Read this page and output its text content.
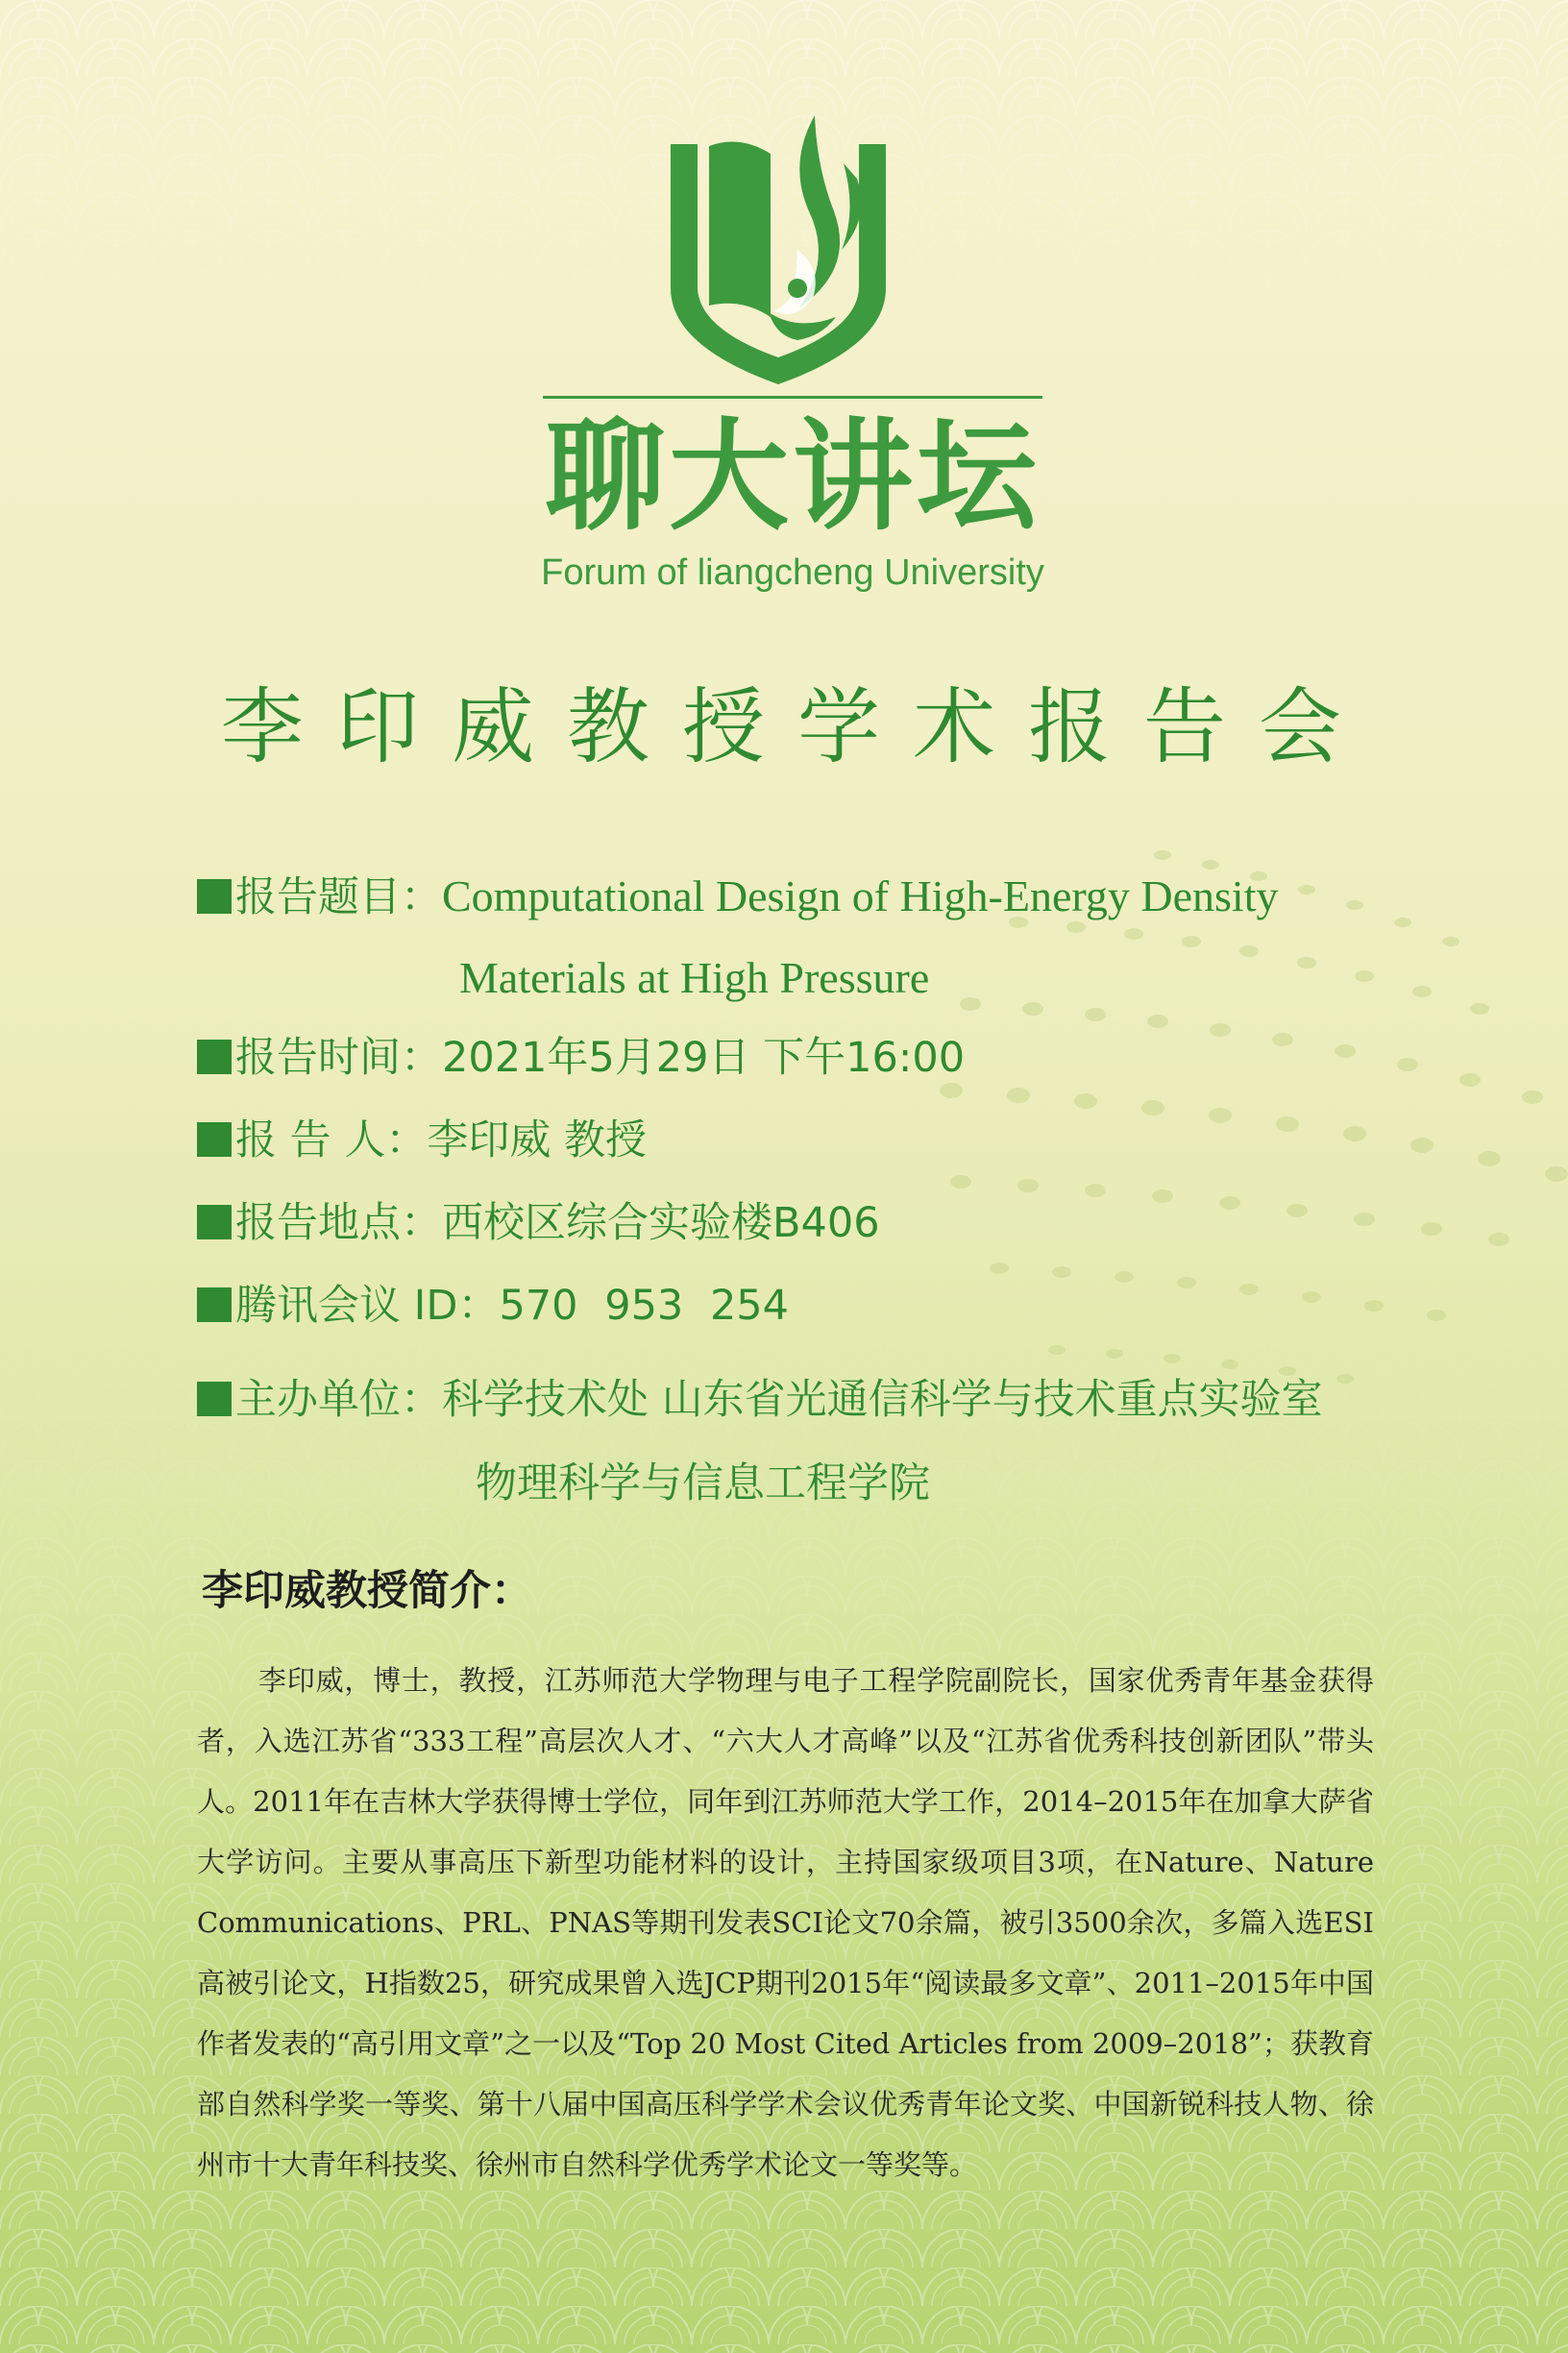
聊大讲坛
Forum of liangcheng University
李印威教授学术报告会
报告题目：Computational Design of High-Energy Density
Materials at High Pressure
报告时间：2021年5月29日 下午16:00
报 告 人：李印威 教授
报告地点：西校区综合实验楼B406
腾讯会议 ID：570 953 254
主办单位：科学技术处 山东省光通信科学与技术重点实验室
物理科学与信息工程学院
李印威教授简介：
李印威，博士，教授，江苏师范大学物理与电子工程学院副院长，国家优秀青年基金获得者，入选江苏省“333工程”高层次人才、“六大人才高峰”以及“江苏省优秀科技创新团队”带头人。2011年在吉林大学获得博士学位，同年到江苏师范大学工作，2014–2015年在加拿大萨省大学访问。主要从事高压下新型功能材料的设计，主持国家级项目3项，在Nature、Nature Communications、PRL、PNAS等期刊发表SCI论文70余篇，被引3500余次，多篇入选ESI高被引论文，H指数25，研究成果曾入选JCP期刊2015年“阅读最多文章”、2011–2015年中国作者发表的“高引用文章”之一以及“Top 20 Most Cited Articles from 2009–2018”；获教育部自然科学奖一等奖、第十八届中国高压科学学术会议优秀青年论文奖、中国新锐科技人物、徐州市十大青年科技奖、徐州市自然科学优秀学术论文一等奖等。
